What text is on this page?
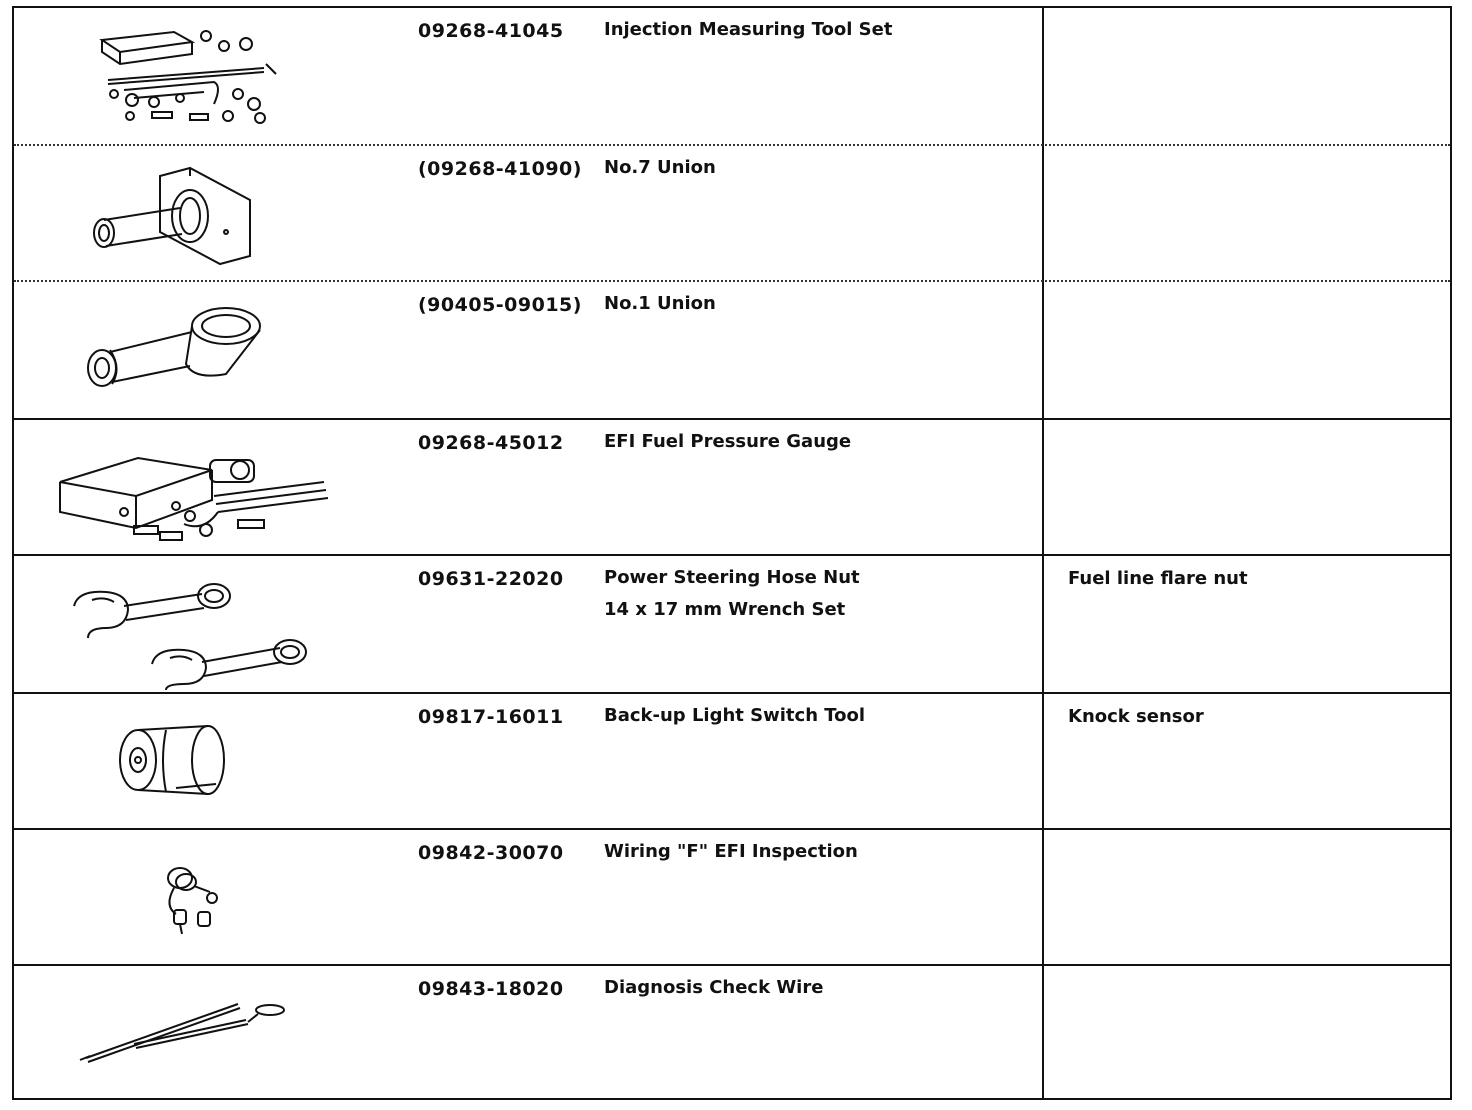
09268-41045 Injection Measuring Tool Set
(09268-41090) No.7 Union
(90405-09015) No.1 Union
09268-45012 EFI Fuel Pressure Gauge
09631-22020 Power Steering Hose Nut
14 x 17 mm Wrench Set
Fuel line flare nut
09817-16011 Back-up Light Switch Tool	Knock sensor
09842-30070 Wiring "F" EFI Inspection
09843-18020 Diagnosis Check Wire
